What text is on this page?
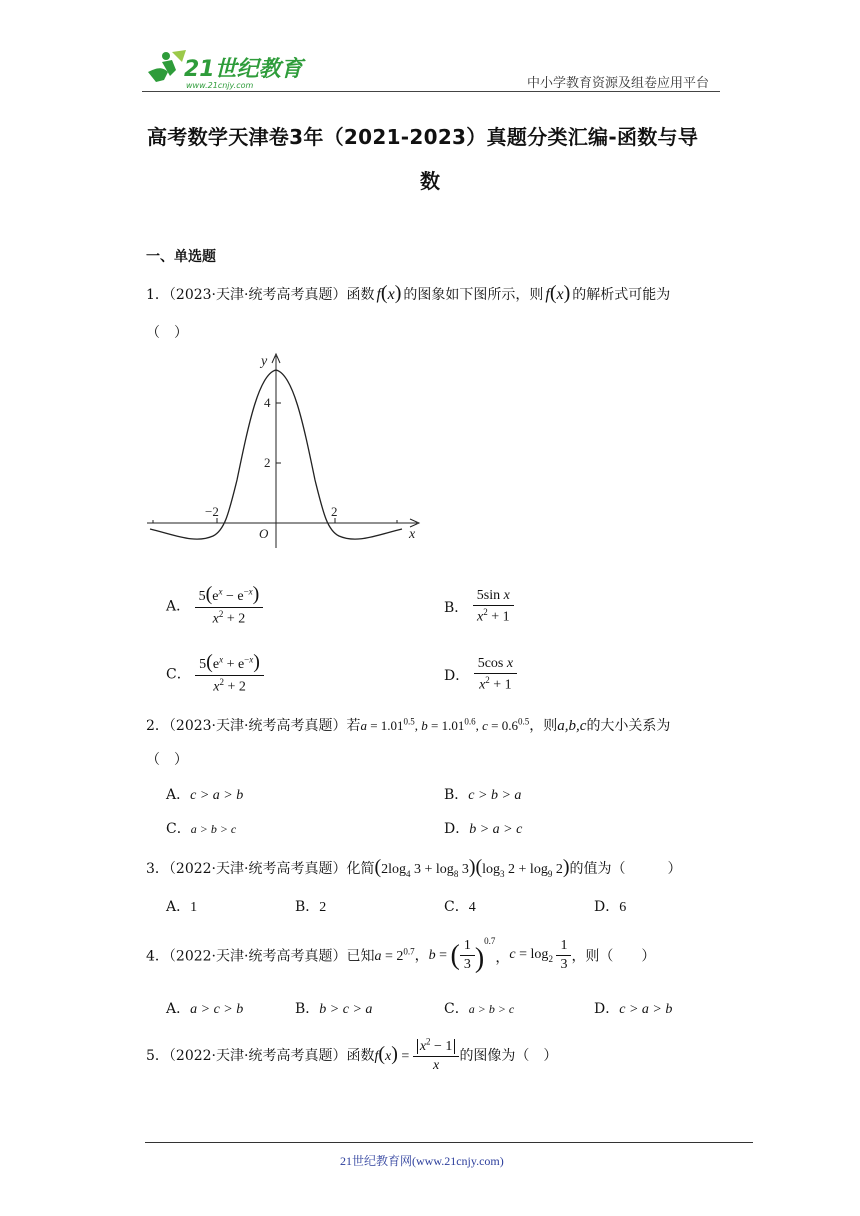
21世纪教育
www.21cnjy.com	中小学教育资源及组卷应用平台
高考数学天津卷3年（2021-2023）真题分类汇编-函数与导
数
一、单选题
1．（2023·天津·统考高考真题）函数 f(x) 的图象如下图所示，则 f(x) 的解析式可能为
（　）
y
x
O
4
2
−2	2
A． $\frac{5(e^x - e^{-x})}{x^2 + 2}$	B． $\frac{\text{5sin x}}{x^2 + 1}$
C． $\frac{5(e^x + e^{-x})}{x^2 + 2}$	D． $\frac{\text{5cos x}}{x^2 + 1}$
2．（2023·天津·统考高考真题）若$a = 1.01^{0.5}$, $b = 1.01^{0.6}$, $c = 0.6^{0.5}$，则a,b,c的大小关系为
（　）
A．c > a > b	B．c > b > a
C．a > b > c	D．b > a > c
3．（2022·天津·统考高考真题）化简($2\log_4$ $3 + \log_8 3)(\log_3$ $2 + \log_9 2$)的值为（　　　）
A．1	B．2	C．4	D．6
4．（2022·天津·统考高考真题）已知$a = 2^{0.7}$，b = ( $\frac{1}{3} )^{0.7}$，$c = \log_2 \frac{1}{3}$ ，则（　　）
A．a > c > b	B．b > c > a	C．a > b > c	D．c > a > b
5．（2022·天津·统考高考真题）函数$f(x) = \frac{x^2 - 1}{x}$ 的图像为（　）
21世纪教育网(www.21cnjy.com)
